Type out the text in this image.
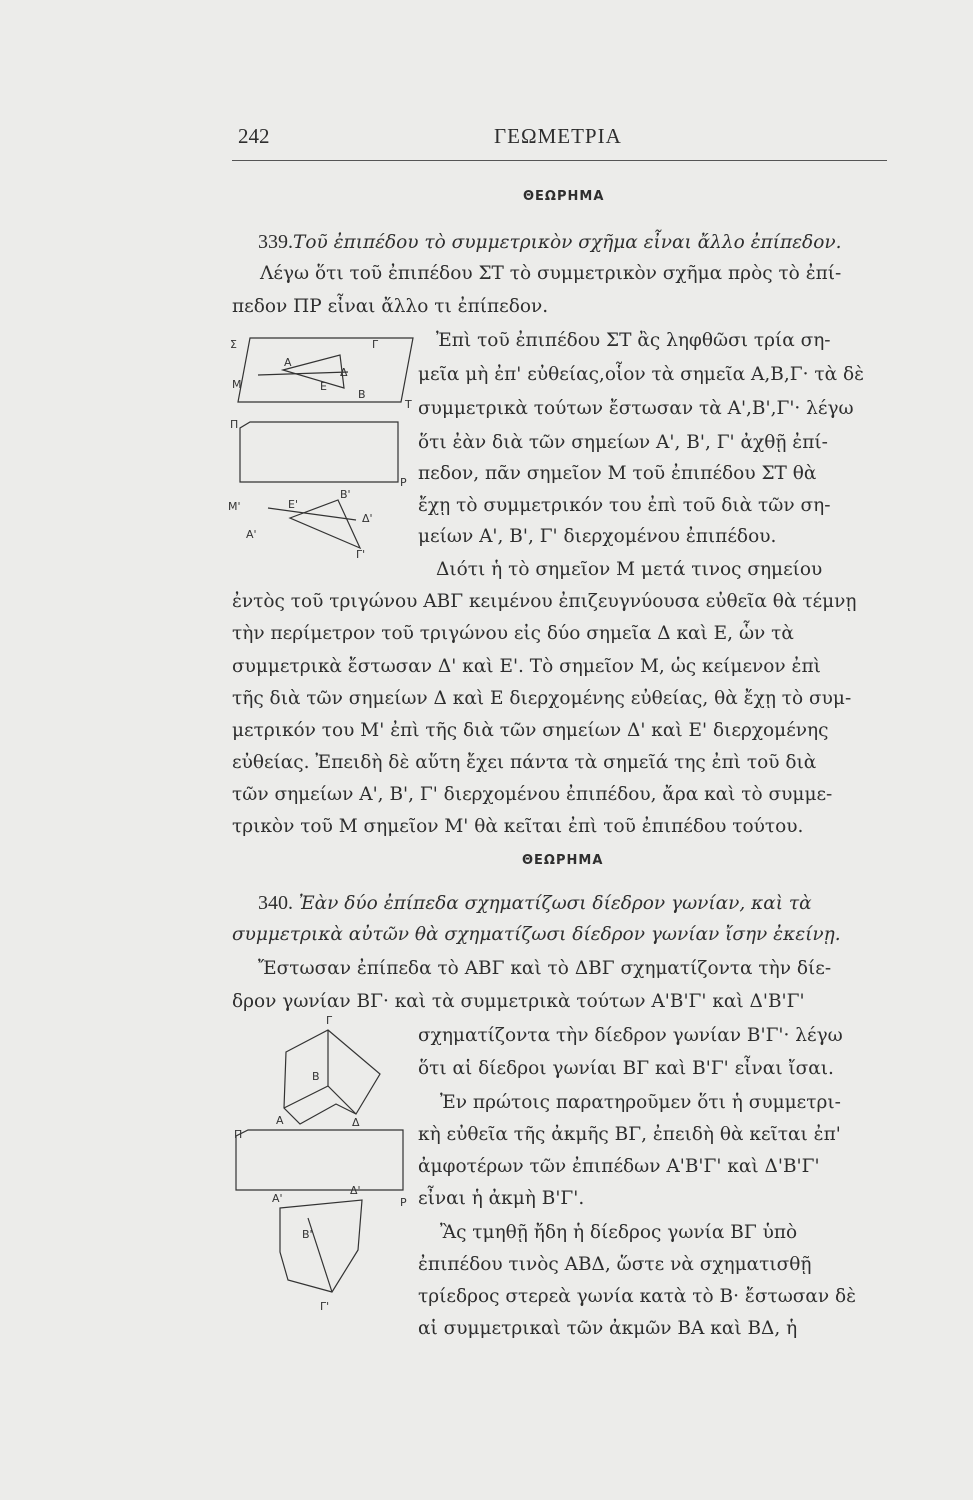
242	ΓΕΩΜΕΤΡΙΑ
ΘΕΩΡΗΜΑ
339.Τοῦ ἐπιπέδου τὸ συμμετρικὸν σχῆμα εἶναι ἄλλο ἐπίπεδον.
Λέγω ὅτι τοῦ ἐπιπέδου ΣΤ τὸ συμμετρικὸν σχῆμα πρὸς τὸ ἐπί-
πεδον ΠΡ εἶναι ἄλλο τι ἐπίπεδον.
Ἐπὶ τοῦ ἐπιπέδου ΣΤ ἂς ληφθῶσι τρία ση-
μεῖα μὴ ἐπ' εὐθείας,οἷον τὰ σημεῖα Α,Β,Γ· τὰ δὲ
συμμετρικὰ τούτων ἔστωσαν τὰ Α',Β',Γ'· λέγω
ὅτι ἐὰν διὰ τῶν σημείων Α', Β', Γ' ἀχθῇ ἐπί-
πεδον, πᾶν σημεῖον Μ τοῦ ἐπιπέδου ΣΤ θὰ
ἔχῃ τὸ συμμετρικόν του ἐπὶ τοῦ διὰ τῶν ση-
μείων Α', Β', Γ' διερχομένου ἐπιπέδου.
Διότι ἡ τὸ σημεῖον Μ μετά τινος σημείου
ἐντὸς τοῦ τριγώνου ΑΒΓ κειμένου ἐπιζευγνύουσα εὐθεῖα θὰ τέμνῃ
τὴν περίμετρον τοῦ τριγώνου εἰς δύο σημεῖα Δ καὶ Ε, ὧν τὰ
συμμετρικὰ ἔστωσαν Δ' καὶ Ε'. Τὸ σημεῖον Μ, ὡς κείμενον ἐπὶ
τῆς διὰ τῶν σημείων Δ καὶ Ε διερχομένης εὐθείας, θὰ ἔχῃ τὸ συμ-
μετρικόν του Μ' ἐπὶ τῆς διὰ τῶν σημείων Δ' καὶ Ε' διερχομένης
εὐθείας. Ἐπειδὴ δὲ αὕτη ἔχει πάντα τὰ σημεῖά της ἐπὶ τοῦ διὰ
τῶν σημείων Α', Β', Γ' διερχομένου ἐπιπέδου, ἄρα καὶ τὸ συμμε-
τρικὸν τοῦ Μ σημεῖον Μ' θὰ κεῖται ἐπὶ τοῦ ἐπιπέδου τούτου.
Σ	Γ
Α
Δ
Μ	Ε
Β
Τ
Π
Ρ
Μ'	Ε'
Β'
Δ'
Α'
Γ'
ΘΕΩΡΗΜΑ
340. Ἐὰν δύο ἐπίπεδα σχηματίζωσι δίεδρον γωνίαν, καὶ τὰ
συμμετρικὰ αὐτῶν θὰ σχηματίζωσι δίεδρον γωνίαν ἴσην ἐκείνῃ.
Ἔστωσαν ἐπίπεδα τὸ ΑΒΓ καὶ τὸ ΔΒΓ σχηματίζοντα τὴν δίε-
δρον γωνίαν ΒΓ· καὶ τὰ συμμετρικὰ τούτων Α'Β'Γ' καὶ Δ'Β'Γ'
σχηματίζοντα τὴν δίεδρον γωνίαν Β'Γ'· λέγω
ὅτι αἱ δίεδροι γωνίαι ΒΓ καὶ Β'Γ' εἶναι ἴσαι.
Ἐν πρώτοις παρατηροῦμεν ὅτι ἡ συμμετρι-
κὴ εὐθεῖα τῆς ἀκμῆς ΒΓ, ἐπειδὴ θὰ κεῖται ἐπ'
ἀμφοτέρων τῶν ἐπιπέδων Α'Β'Γ' καὶ Δ'Β'Γ'
εἶναι ἡ ἀκμὴ Β'Γ'.
Ἂς τμηθῇ ἤδη ἡ δίεδρος γωνία ΒΓ ὑπὸ
ἐπιπέδου τινὸς ΑΒΔ, ὥστε νὰ σχηματισθῇ
τρίεδρος στερεὰ γωνία κατὰ τὸ Β· ἔστωσαν δὲ
αἱ συμμετρικαὶ τῶν ἀκμῶν ΒΑ καὶ ΒΔ, ἡ
Γ
Β
Α	Δ
Π
Ρ
Α'
Δ'
Β'
Γ'
